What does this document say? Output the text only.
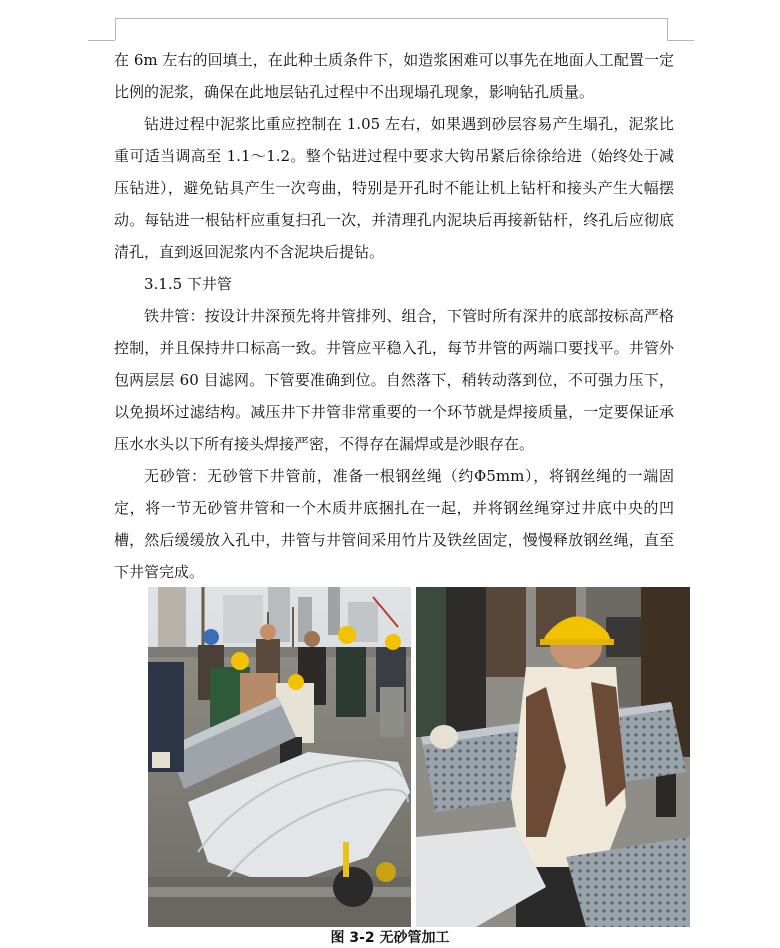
在 6m 左右的回填土，在此种土质条件下，如造浆困难可以事先在地面人工配置一定比例的泥浆，确保在此地层钻孔过程中不出现塌孔现象，影响钻孔质量。

钻进过程中泥浆比重应控制在 1.05 左右，如果遇到砂层容易产生塌孔，泥浆比重可适当调高至 1.1～1.2。整个钻进过程中要求大钩吊紧后徐徐给进（始终处于减压钻进），避免钻具产生一次弯曲，特别是开孔时不能让机上钻杆和接头产生大幅摆动。每钻进一根钻杆应重复扫孔一次，并清理孔内泥块后再接新钻杆，终孔后应彻底清孔，直到返回泥浆内不含泥块后提钻。

3.1.5 下井管

铁井管：按设计井深预先将井管排列、组合，下管时所有深井的底部按标高严格控制，并且保持井口标高一致。井管应平稳入孔，每节井管的两端口要找平。井管外包两层层 60 目滤网。下管要准确到位。自然落下，稍转动落到位，不可强力压下，以免损坏过滤结构。减压井下井管非常重要的一个环节就是焊接质量，一定要保证承压水水头以下所有接头焊接严密，不得存在漏焊或是沙眼存在。

无砂管：无砂管下井管前，准备一根钢丝绳（约Φ5mm），将钢丝绳的一端固定，将一节无砂管井管和一个木质井底捆扎在一起，并将钢丝绳穿过井底中央的凹槽，然后缓缓放入孔中，井管与井管间采用竹片及铁丝固定，慢慢释放钢丝绳，直至下井管完成。

图 3-2 无砂管加工
